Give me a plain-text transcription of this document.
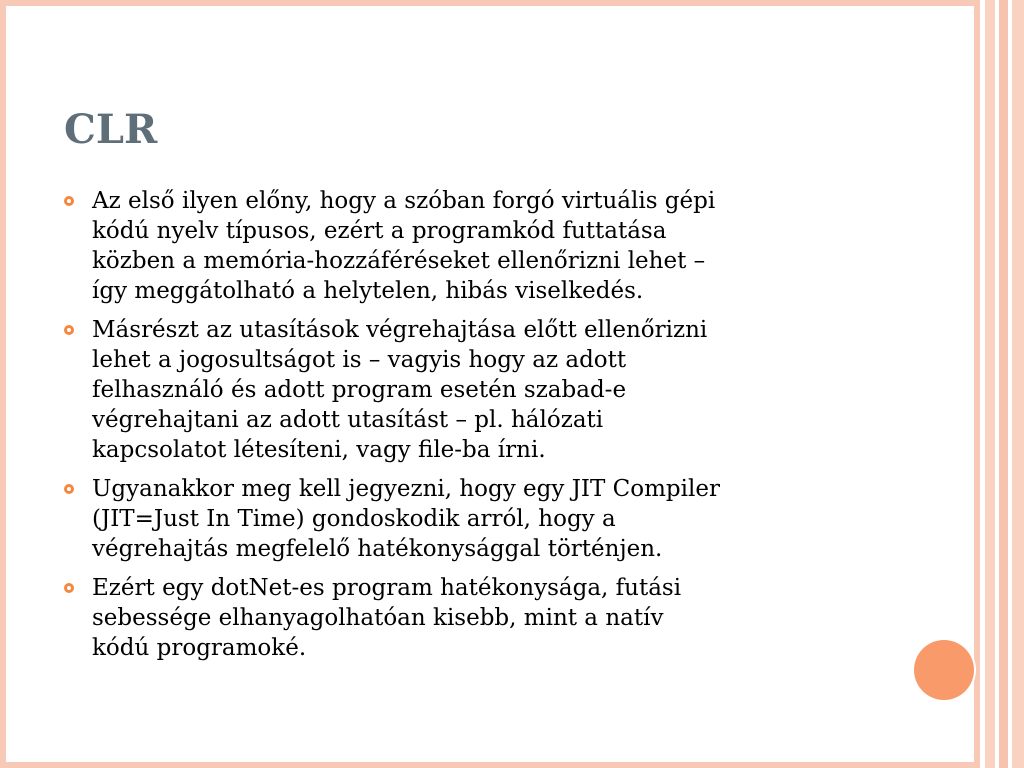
CLR
Az első ilyen előny, hogy a szóban forgó virtuális gépi
kódú nyelv típusos, ezért a programkód futtatása
közben a memória-hozzáféréseket ellenőrizni lehet –
így meggátolható a helytelen, hibás viselkedés.
Másrészt az utasítások végrehajtása előtt ellenőrizni
lehet a jogosultságot is – vagyis hogy az adott
felhasználó és adott program esetén szabad-e
végrehajtani az adott utasítást – pl. hálózati
kapcsolatot létesíteni, vagy file-ba írni.
Ugyanakkor meg kell jegyezni, hogy egy JIT Compiler
(JIT=Just In Time) gondoskodik arról, hogy a
végrehajtás megfelelő hatékonysággal történjen.
Ezért egy dotNet-es program hatékonysága, futási
sebessége elhanyagolhatóan kisebb, mint a natív
kódú programoké.
